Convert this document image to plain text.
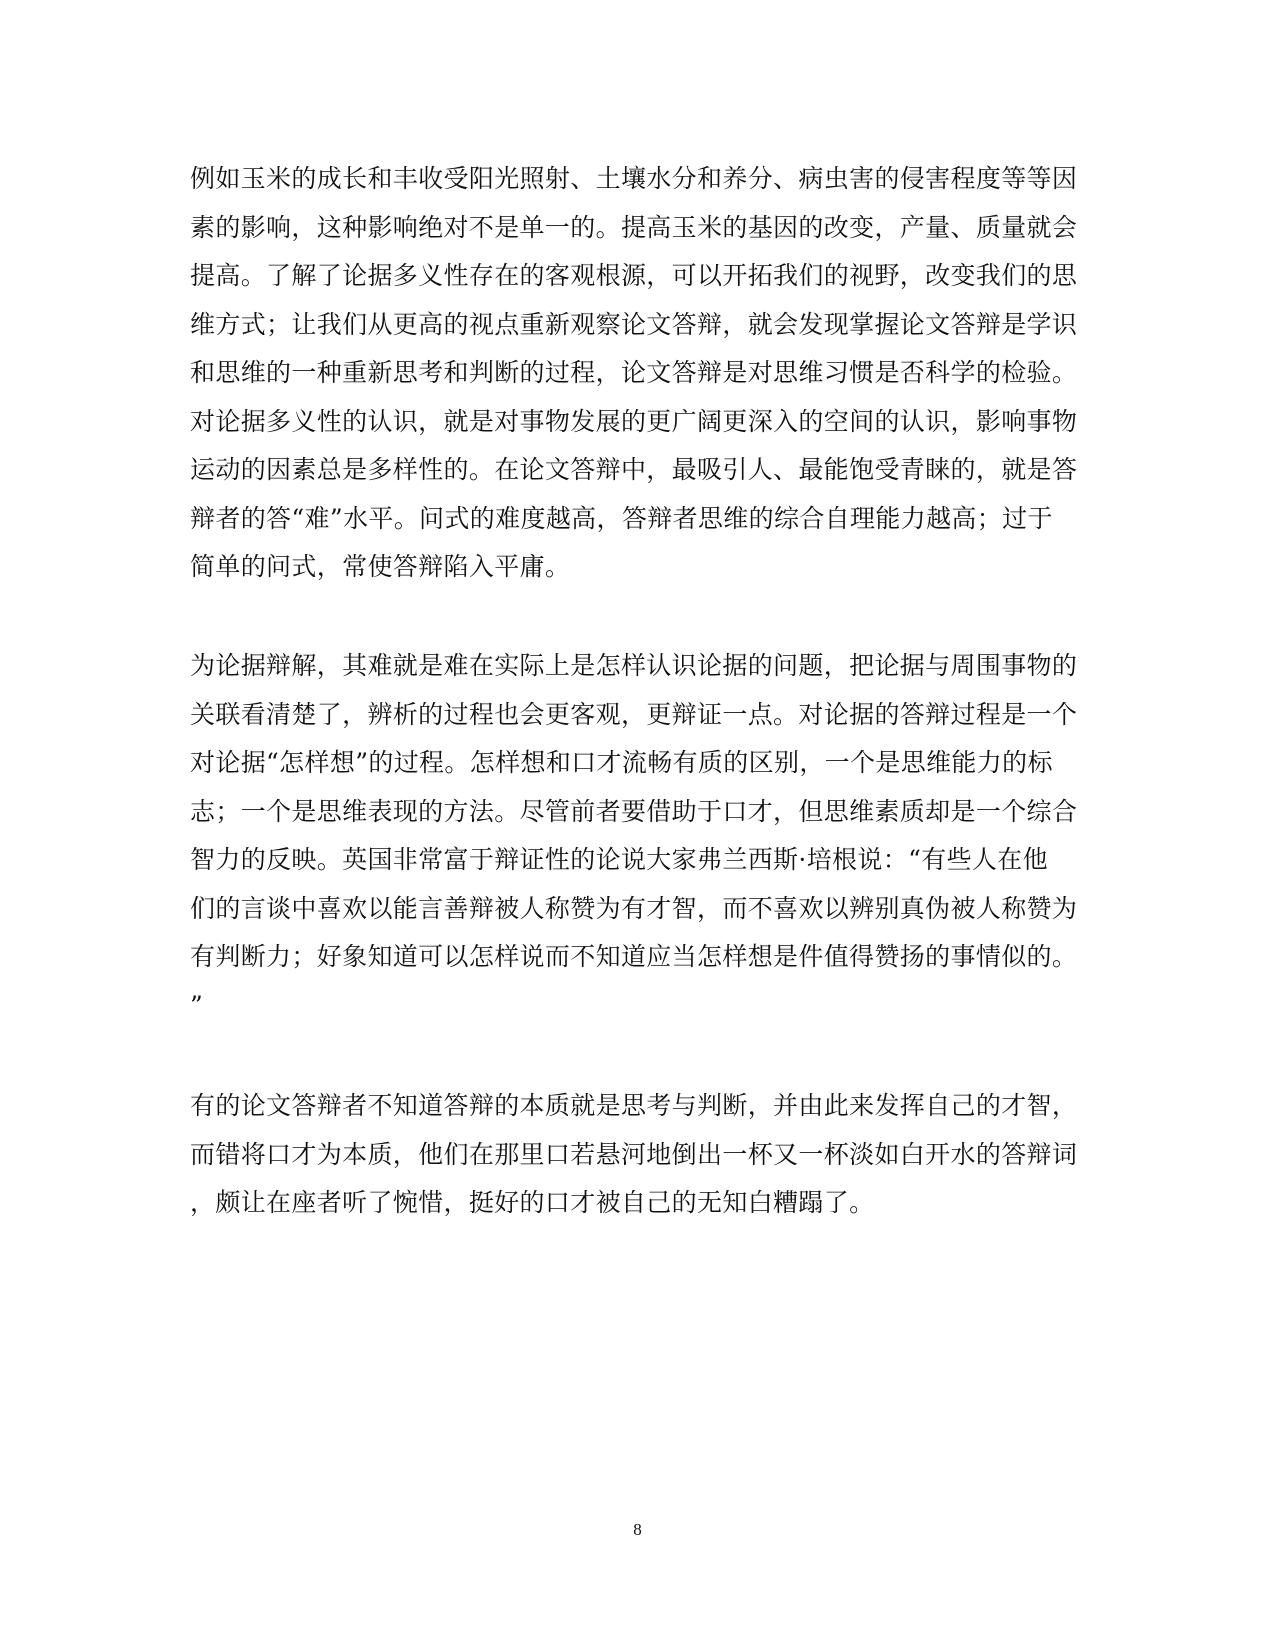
例如玉米的成长和丰收受阳光照射、土壤水分和养分、病虫害的侵害程度等等因
素的影响，这种影响绝对不是单一的。提高玉米的基因的改变，产量、质量就会
提高。了解了论据多义性存在的客观根源，可以开拓我们的视野，改变我们的思
维方式；让我们从更高的视点重新观察论文答辩，就会发现掌握论文答辩是学识
和思维的一种重新思考和判断的过程，论文答辩是对思维习惯是否科学的检验。
对论据多义性的认识，就是对事物发展的更广阔更深入的空间的认识，影响事物
运动的因素总是多样性的。在论文答辩中，最吸引人、最能饱受青睐的，就是答
辩者的答“难”水平。问式的难度越高，答辩者思维的综合自理能力越高；过于
简单的问式，常使答辩陷入平庸。
为论据辩解，其难就是难在实际上是怎样认识论据的问题，把论据与周围事物的
关联看清楚了，辨析的过程也会更客观，更辩证一点。对论据的答辩过程是一个
对论据“怎样想”的过程。怎样想和口才流畅有质的区别，一个是思维能力的标
志；一个是思维表现的方法。尽管前者要借助于口才，但思维素质却是一个综合
智力的反映。英国非常富于辩证性的论说大家弗兰西斯·培根说：“有些人在他
们的言谈中喜欢以能言善辩被人称赞为有才智，而不喜欢以辨别真伪被人称赞为
有判断力；好象知道可以怎样说而不知道应当怎样想是件值得赞扬的事情似的。
”
有的论文答辩者不知道答辩的本质就是思考与判断，并由此来发挥自己的才智，
而错将口才为本质，他们在那里口若悬河地倒出一杯又一杯淡如白开水的答辩词
，颇让在座者听了惋惜，挺好的口才被自己的无知白糟蹋了。
8
